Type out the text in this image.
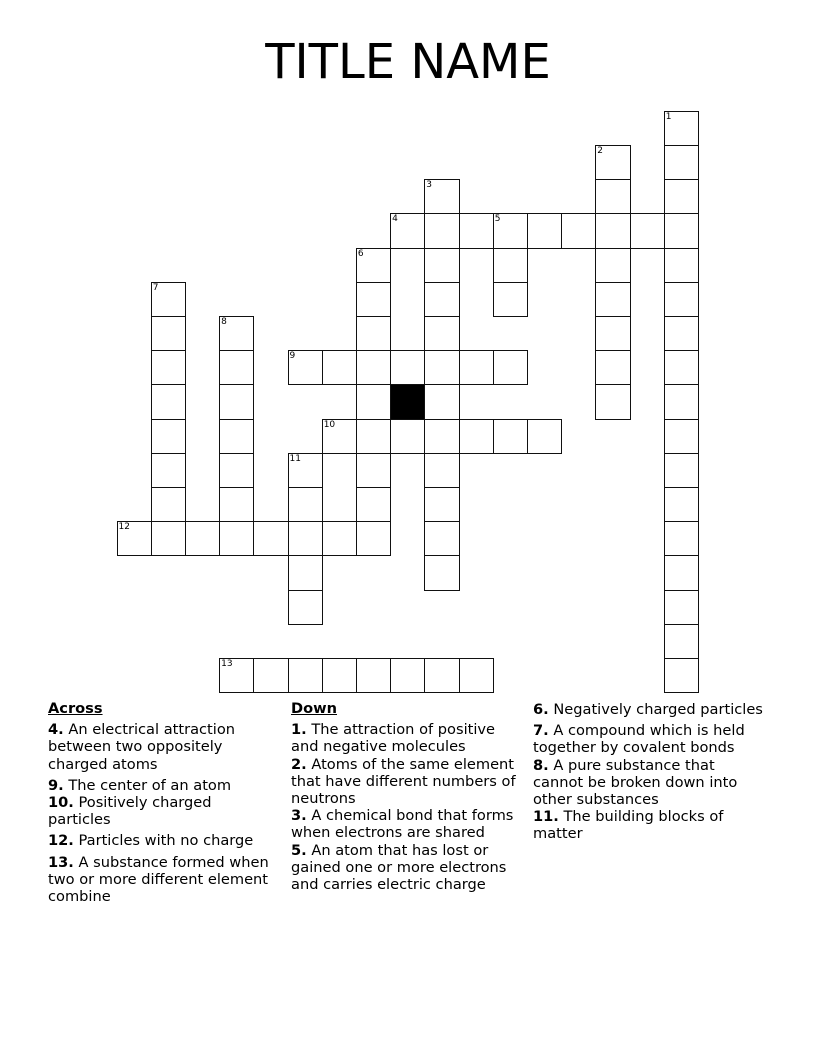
TITLE NAME
1
2
3
4	5
6
7
8
9
10
11
12
13
Across
4. An electrical attraction between two oppositely charged atoms
9. The center of an atom
10. Positively charged particles
12. Particles with no charge
13. A substance formed when two or more different element combine
Down
1. The attraction of positive and negative molecules
2. Atoms of the same element that have different numbers of neutrons
3. A chemical bond that forms when electrons are shared
5. An atom that has lost or gained one or more electrons and carries electric charge
6. Negatively charged particles
7. A compound which is held together by covalent bonds
8. A pure substance that cannot be broken down into other substances
11. The building blocks of matter
